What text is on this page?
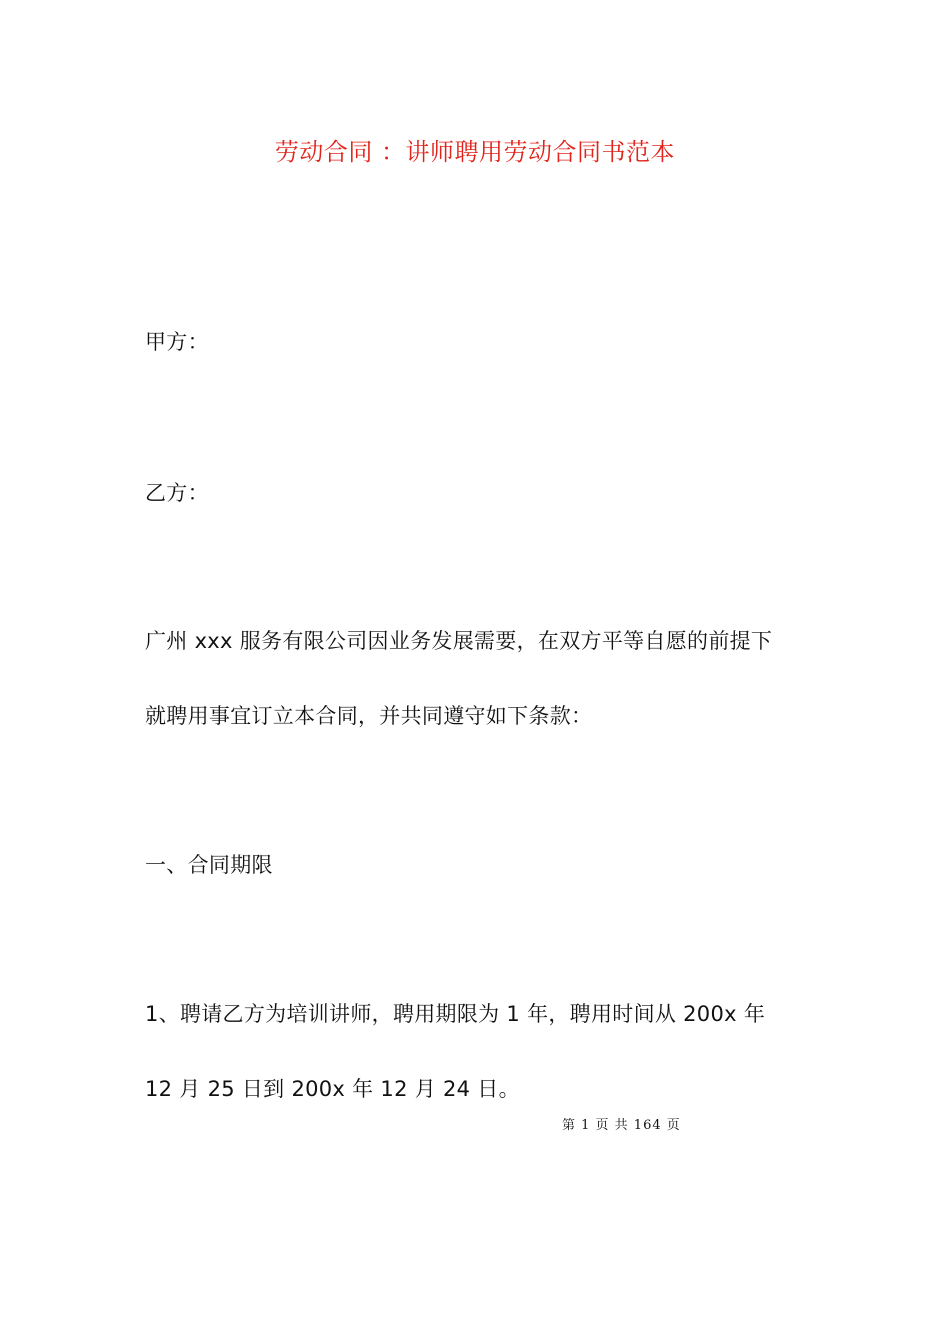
劳动合同 ：讲师聘用劳动合同书范本
甲方：
乙方：
广州 xxx 服务有限公司因业务发展需要，在双方平等自愿的前提下
就聘用事宜订立本合同，并共同遵守如下条款：
一、合同期限
1、聘请乙方为培训讲师，聘用期限为 1 年，聘用时间从 200x 年
12 月 25 日到 200x 年 12 月 24 日。
第 1 页 共 164 页
